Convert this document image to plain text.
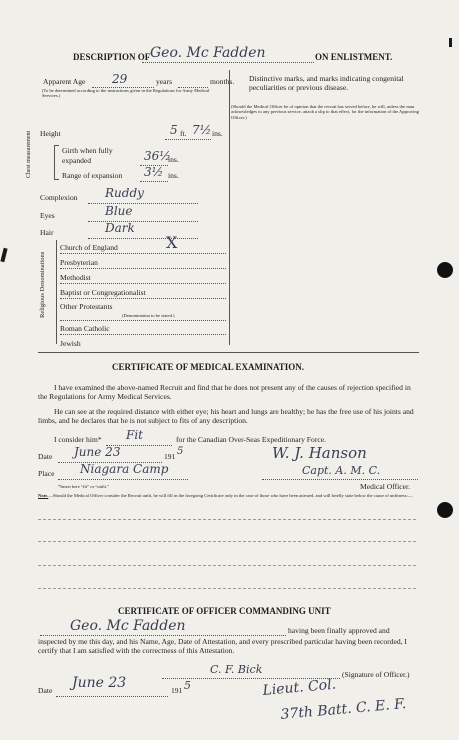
DESCRIPTION OF Geo. Mc Fadden	ON ENLISTMENT.
Apparent Age 29	years	months.
(To be determined according to the instructions given in the Regulations for Army Medical Services.)
Distinctive marks, and marks indicating congenital peculiarities or previous disease.
(Should the Medical Officer be of opinion that the recruit has served before, he will, unless the man acknowledges to any previous service, attach a slip to that effect, for the information of the Approving Officer.)
Height	5 ft. 7½ ins.
Chest measurement	Girth when fully expanded	36½
ins.
Range of expansion 3½ ins.
Complexion Ruddy
Eyes	Blue
Hair	Dark
Religious Denominations
Church of England	X
Presbyterian
Methodist
Baptist or Congregationalist
Other Protestants
(Denomination to be stated.)
Roman Catholic
Jewish
CERTIFICATE OF MEDICAL EXAMINATION.
I have examined the above-named Recruit and find that he does not present any of the causes of rejection specified in the Regulations for Army Medical Services.
He can see at the required distance with either eye; his heart and lungs are healthy; he has the free use of his joints and limbs, and he declares that he is not subject to fits of any description.
I consider him* Fit	for the Canadian Over-Seas Expeditionary Force.
Date June 23	191 5
Place Niagara Camp
W. J. Hanson
Capt. A. M. C.
Medical Officer.
*Insert here “fit” or “unfit.”
Note.—Should the Medical Officer consider the Recruit unfit, he will fill in the foregoing Certificate only in the case of those who have been attested, and will briefly state below the cause of unfitness:—
CERTIFICATE OF OFFICER COMMANDING UNIT
Geo. Mc Fadden	having been finally approved and
inspected by me this day, and his Name, Age, Date of Attestation, and every prescribed particular having been recorded, I certify that I am satisfied with the correctness of this Attestation.
C. F. Bick	(Signature of Officer.)
Date June 23	191 5	Lieut. Col.
37th Batt. C. E. F.
